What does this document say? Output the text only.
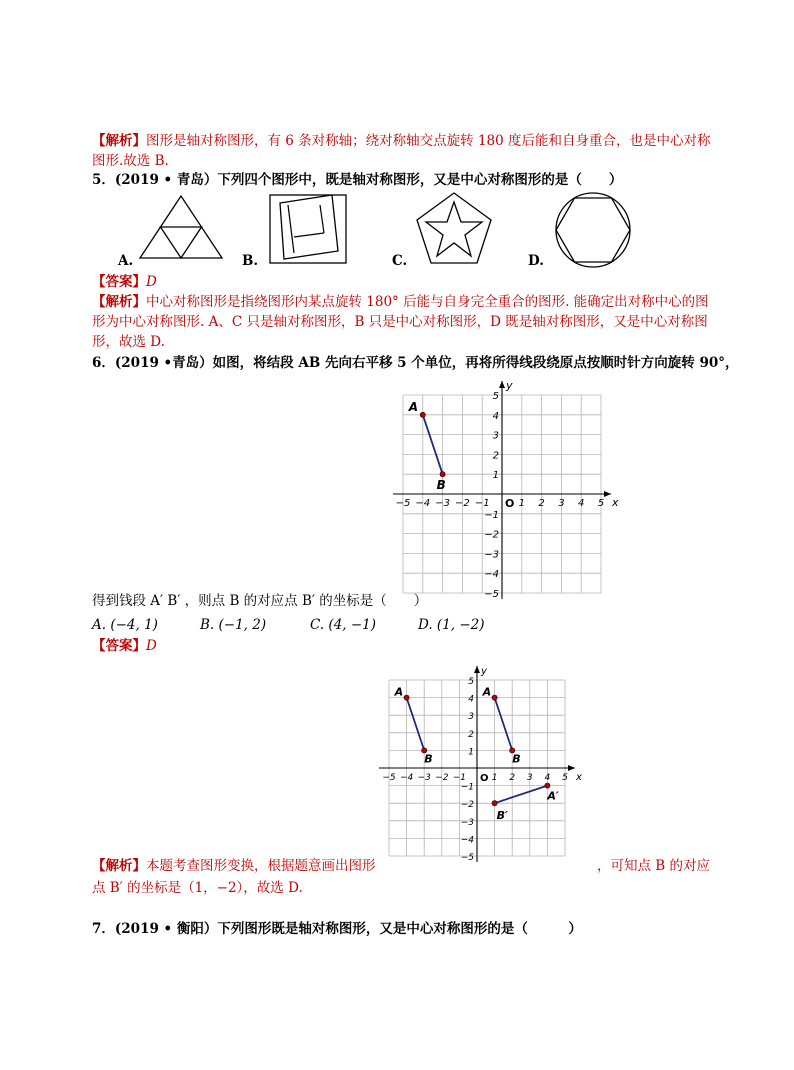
【解析】图形是轴对称图形，有 6 条对称轴；绕对称轴交点旋转 180 度后能和自身重合，也是中心对称
图形.故选 B.
5．(2019 • 青岛）下列四个图形中，既是轴对称图形，又是中心对称图形的是（　　）
A.	B.	C.	D.
【答案】D
【解析】中心对称图形是指绕图形内某点旋转 180° 后能与自身完全重合的图形. 能确定出对称中心的图
形为中心对称图形. A、C 只是轴对称图形，B 只是中心对称图形，D 既是轴对称图形，又是中心对称图
形，故选 D.
6．(2019 •青岛）如图，将结段 AB 先向右平移 5 个单位，再将所得线段绕原点按顺时针方向旋转 90°，
x
y
O
−5 −4 −3 −2 −1	1 2 3 4 5
5
4
3
2
1
−1
−2
−3
−4
−5
A
B
得到钱段 A′ B′ ，则点 B 的对应点 B′ 的坐标是（　　）
A. (−4, 1)	B. (−1, 2)	C. (4, −1)	D. (1, −2)
【答案】D
x
y
O
−5 −4 −3 −2 −1	1 2 3 4 5
5
4
3
2
1
−1
−2
−3
−4
−5
A
B
A
B
A′
B′
【解析】本题考查图形变换，根据题意画出图形	，可知点 B 的对应
点 B′ 的坐标是（1，−2），故选 D.
7．(2019 • 衡阳）下列图形既是轴对称图形，又是中心对称图形的是（　　　）
